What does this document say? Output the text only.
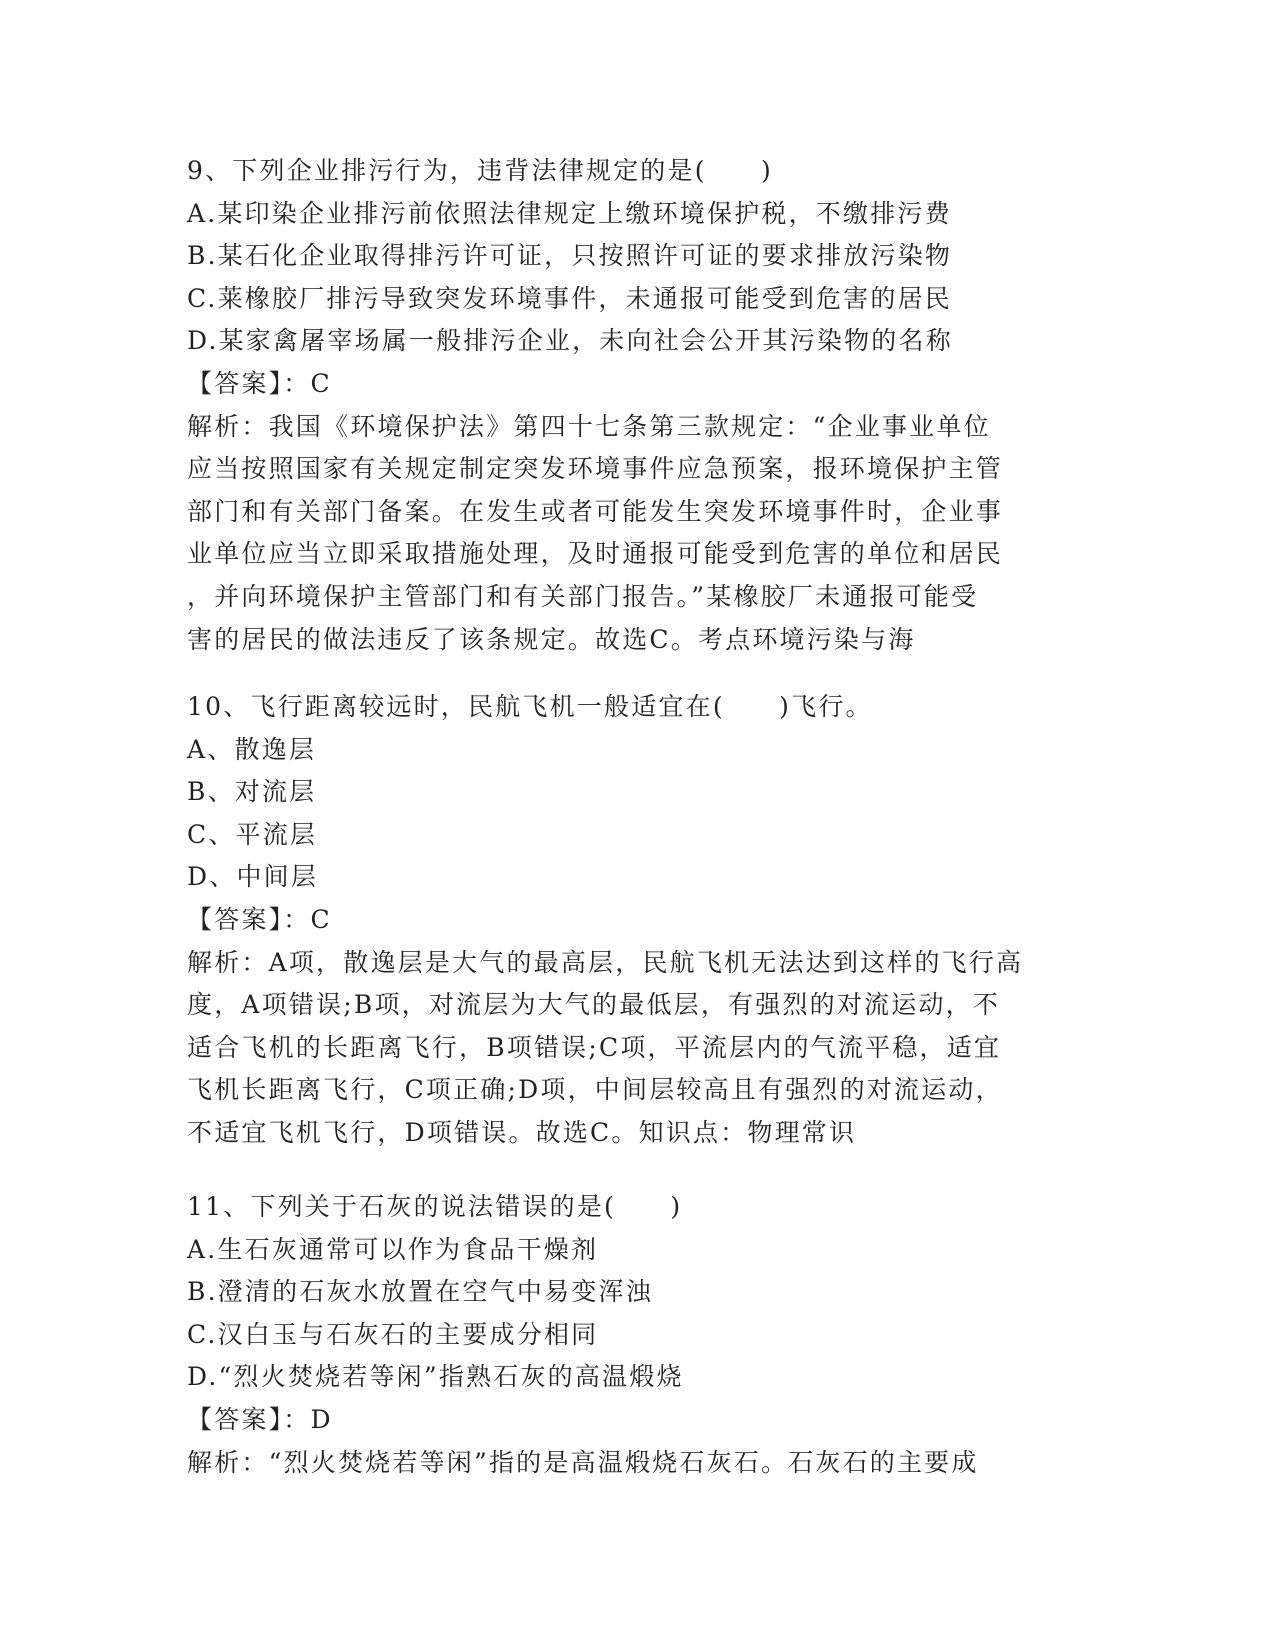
9、下列企业排污行为，违背法律规定的是(　　)
A.某印染企业排污前依照法律规定上缴环境保护税，不缴排污费
B.某石化企业取得排污许可证，只按照许可证的要求排放污染物
C.莱橡胶厂排污导致突发环境事件，未通报可能受到危害的居民
D.某家禽屠宰场属一般排污企业，未向社会公开其污染物的名称
【答案】：C
解析：我国《环境保护法》第四十七条第三款规定：“企业事业单位
应当按照国家有关规定制定突发环境事件应急预案，报环境保护主管
部门和有关部门备案。在发生或者可能发生突发环境事件时，企业事
业单位应当立即采取措施处理，及时通报可能受到危害的单位和居民
，并向环境保护主管部门和有关部门报告。”某橡胶厂未通报可能受
害的居民的做法违反了该条规定。故选C。考点环境污染与海
10、飞行距离较远时，民航飞机一般适宜在(　　)飞行。
A、散逸层
B、对流层
C、平流层
D、中间层
【答案】：C
解析：A项，散逸层是大气的最高层，民航飞机无法达到这样的飞行高
度，A项错误;B项，对流层为大气的最低层，有强烈的对流运动，不
适合飞机的长距离飞行，B项错误;C项，平流层内的气流平稳，适宜
飞机长距离飞行，C项正确;D项，中间层较高且有强烈的对流运动，
不适宜飞机飞行，D项错误。故选C。知识点：物理常识
11、下列关于石灰的说法错误的是(　　)
A.生石灰通常可以作为食品干燥剂
B.澄清的石灰水放置在空气中易变浑浊
C.汉白玉与石灰石的主要成分相同
D.“烈火焚烧若等闲”指熟石灰的高温煅烧
【答案】：D
解析：“烈火焚烧若等闲”指的是高温煅烧石灰石。石灰石的主要成
